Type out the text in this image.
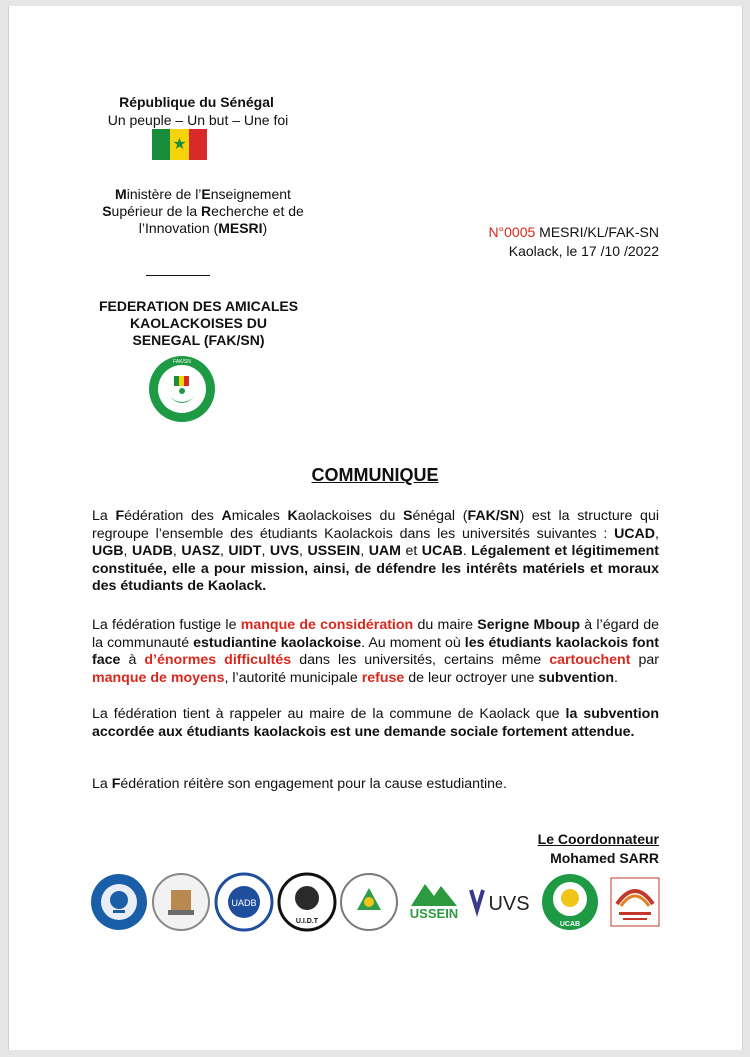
République du Sénégal
Un peuple – Un but – Une foi
★
Ministère de l’Enseignement
Supérieur de la Recherche et de
l’Innovation (MESRI)
FEDERATION DES AMICALES
KAOLACKOISES DU
SENEGAL (FAK/SN)
FAK/SN
N°0005 MESRI/KL/FAK-SN
Kaolack, le 17 /10 /2022
COMMUNIQUE
La Fédération des Amicales Kaolackoises du Sénégal (FAK/SN) est la structure qui regroupe l’ensemble des étudiants Kaolackois dans les universités suivantes : UCAD, UGB, UADB, UASZ, UIDT, UVS, USSEIN, UAM et UCAB. Légalement et légitimement constituée, elle a pour mission, ainsi, de défendre les intérêts matériels et moraux des étudiants de Kaolack.
La fédération fustige le manque de considération du maire Serigne Mboup à l’égard de la communauté estudiantine kaolackoise. Au moment où les étudiants kaolackois font face à d’énormes difficultés dans les universités, certains même cartouchent par manque de moyens, l’autorité municipale refuse de leur octroyer une subvention.
La fédération tient à rappeler au maire de la commune de Kaolack que la subvention accordée aux étudiants kaolackois est une demande sociale fortement attendue.
La Fédération réitère son engagement pour la cause estudiantine.
Le Coordonnateur
Mohamed SARR
UADB
U.I.D.T
USSEIN UVS
UCAB
